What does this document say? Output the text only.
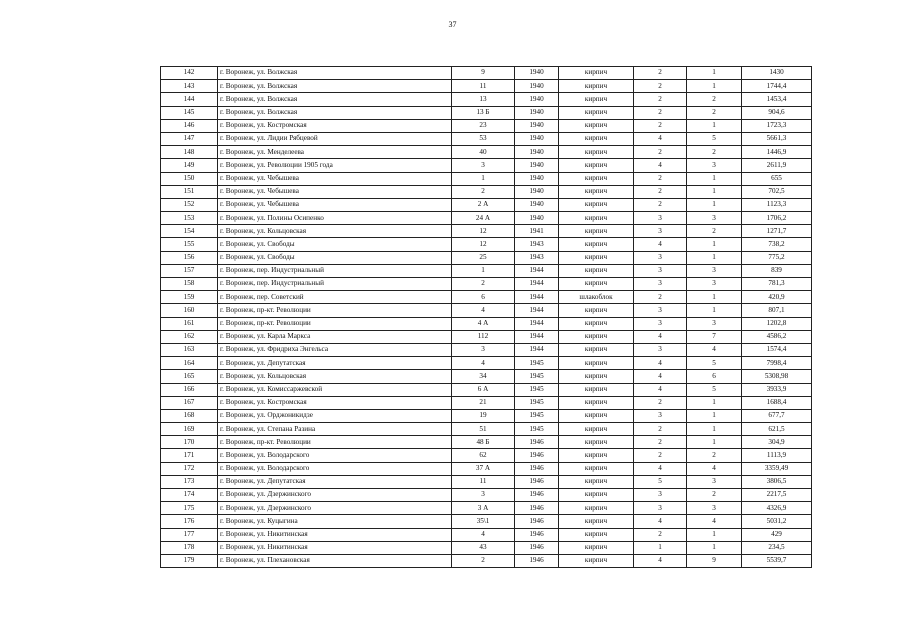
37
142	г. Воронеж, ул. Волжская	9	1940	кирпич	2	1	1430
143	г. Воронеж, ул. Волжская	11	1940	кирпич	2	1	1744,4
144	г. Воронеж, ул. Волжская	13	1940	кирпич	2	2	1453,4
145	г. Воронеж, ул. Волжская	13 Б	1940	кирпич	2	2	904,6
146	г. Воронеж, ул. Костромская	23	1940	кирпич	2	1	1723,3
147	г. Воронеж, ул. Лидии Рябцевой	53	1940	кирпич	4	5	5661,3
148	г. Воронеж, ул. Менделеева	40	1940	кирпич	2	2	1446,9
149	г. Воронеж, ул. Революции 1905 года	3	1940	кирпич	4	3	2611,9
150	г. Воронеж, ул. Чебышева	1	1940	кирпич	2	1	655
151	г. Воронеж, ул. Чебышева	2	1940	кирпич	2	1	702,5
152	г. Воронеж, ул. Чебышева	2 А	1940	кирпич	2	1	1123,3
153	г. Воронеж, ул. Полины Осипенко	24 А	1940	кирпич	3	3	1706,2
154	г. Воронеж, ул. Кольцовская	12	1941	кирпич	3	2	1271,7
155	г. Воронеж, ул. Свободы	12	1943	кирпич	4	1	738,2
156	г. Воронеж, ул. Свободы	25	1943	кирпич	3	1	775,2
157	г. Воронеж, пер. Индустриальный	1	1944	кирпич	3	3	839
158	г. Воронеж, пер. Индустриальный	2	1944	кирпич	3	3	781,3
159	г. Воронеж, пер. Советский	6	1944	шлакоблок	2	1	420,9
160	г. Воронеж, пр-кт. Революции	4	1944	кирпич	3	1	807,1
161	г. Воронеж, пр-кт. Революции	4 А	1944	кирпич	3	3	1202,8
162	г. Воронеж, ул. Карла Маркса	112	1944	кирпич	4	7	4586,2
163	г. Воронеж, ул. Фридриха Энгельса	3	1944	кирпич	3	4	1574,4
164	г. Воронеж, ул. Депутатская	4	1945	кирпич	4	5	7998,4
165	г. Воронеж, ул. Кольцовская	34	1945	кирпич	4	6	5308,98
166	г. Воронеж, ул. Комиссаржевской	6 А	1945	кирпич	4	5	3933,9
167	г. Воронеж, ул. Костромская	21	1945	кирпич	2	1	1688,4
168	г. Воронеж, ул. Орджоникидзе	19	1945	кирпич	3	1	677,7
169	г. Воронеж, ул. Степана Разина	51	1945	кирпич	2	1	621,5
170	г. Воронеж, пр-кт. Революции	48 Б	1946	кирпич	2	1	304,9
171	г. Воронеж, ул. Володарского	62	1946	кирпич	2	2	1113,9
172	г. Воронеж, ул. Володарского	37 А	1946	кирпич	4	4	3359,49
173	г. Воронеж, ул. Депутатская	11	1946	кирпич	5	3	3806,5
174	г. Воронеж, ул. Дзержинского	3	1946	кирпич	3	2	2217,5
175	г. Воронеж, ул. Дзержинского	3 А	1946	кирпич	3	3	4326,9
176	г. Воронеж, ул. Куцыгина	35\1	1946	кирпич	4	4	5031,2
177	г. Воронеж, ул. Никитинская	4	1946	кирпич	2	1	429
178	г. Воронеж, ул. Никитинская	43	1946	кирпич	1	1	234,5
179	г. Воронеж, ул. Плехановская	2	1946	кирпич	4	9	5539,7
